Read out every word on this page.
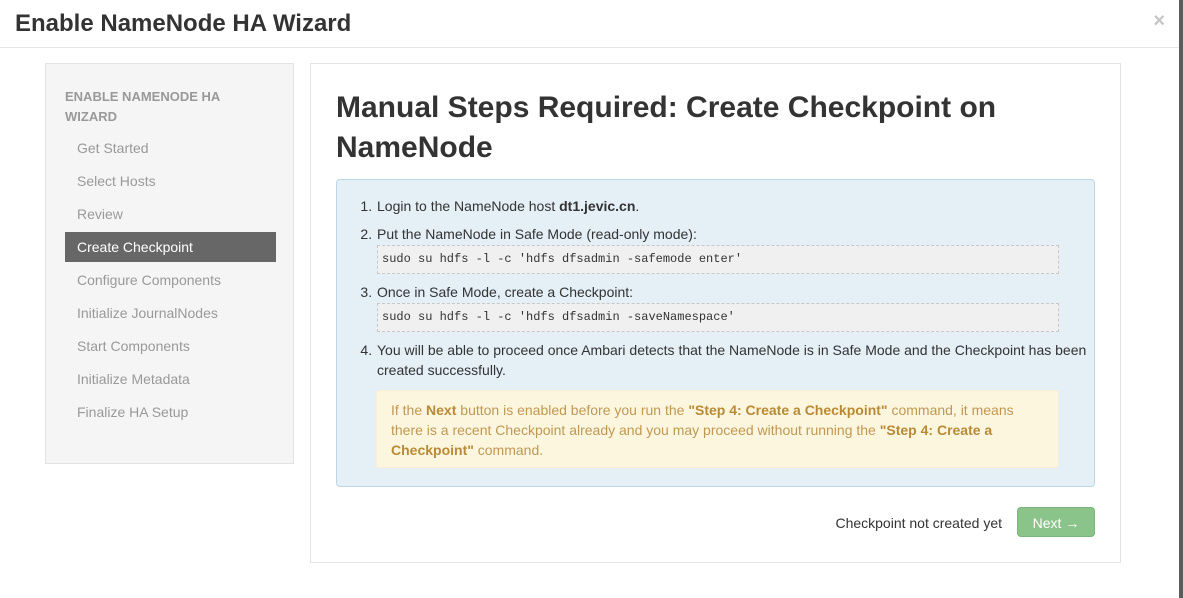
Enable NameNode HA Wizard	×
ENABLE NAMENODE HA WIZARD
Get Started
Select Hosts
Review
Create Checkpoint
Configure Components
Initialize JournalNodes
Start Components
Initialize Metadata
Finalize HA Setup
Manual Steps Required: Create Checkpoint on NameNode
1. Login to the NameNode host dt1.jevic.cn.
2. Put the NameNode in Safe Mode (read-only mode):
sudo su hdfs -l -c 'hdfs dfsadmin -safemode enter'
3. Once in Safe Mode, create a Checkpoint:
sudo su hdfs -l -c 'hdfs dfsadmin -saveNamespace'
4. You will be able to proceed once Ambari detects that the NameNode is in Safe Mode and the Checkpoint has been created successfully.
If the Next button is enabled before you run the "Step 4: Create a Checkpoint" command, it means there is a recent Checkpoint already and you may proceed without running the "Step 4: Create a Checkpoint" command.
Checkpoint not created yet	Next →
